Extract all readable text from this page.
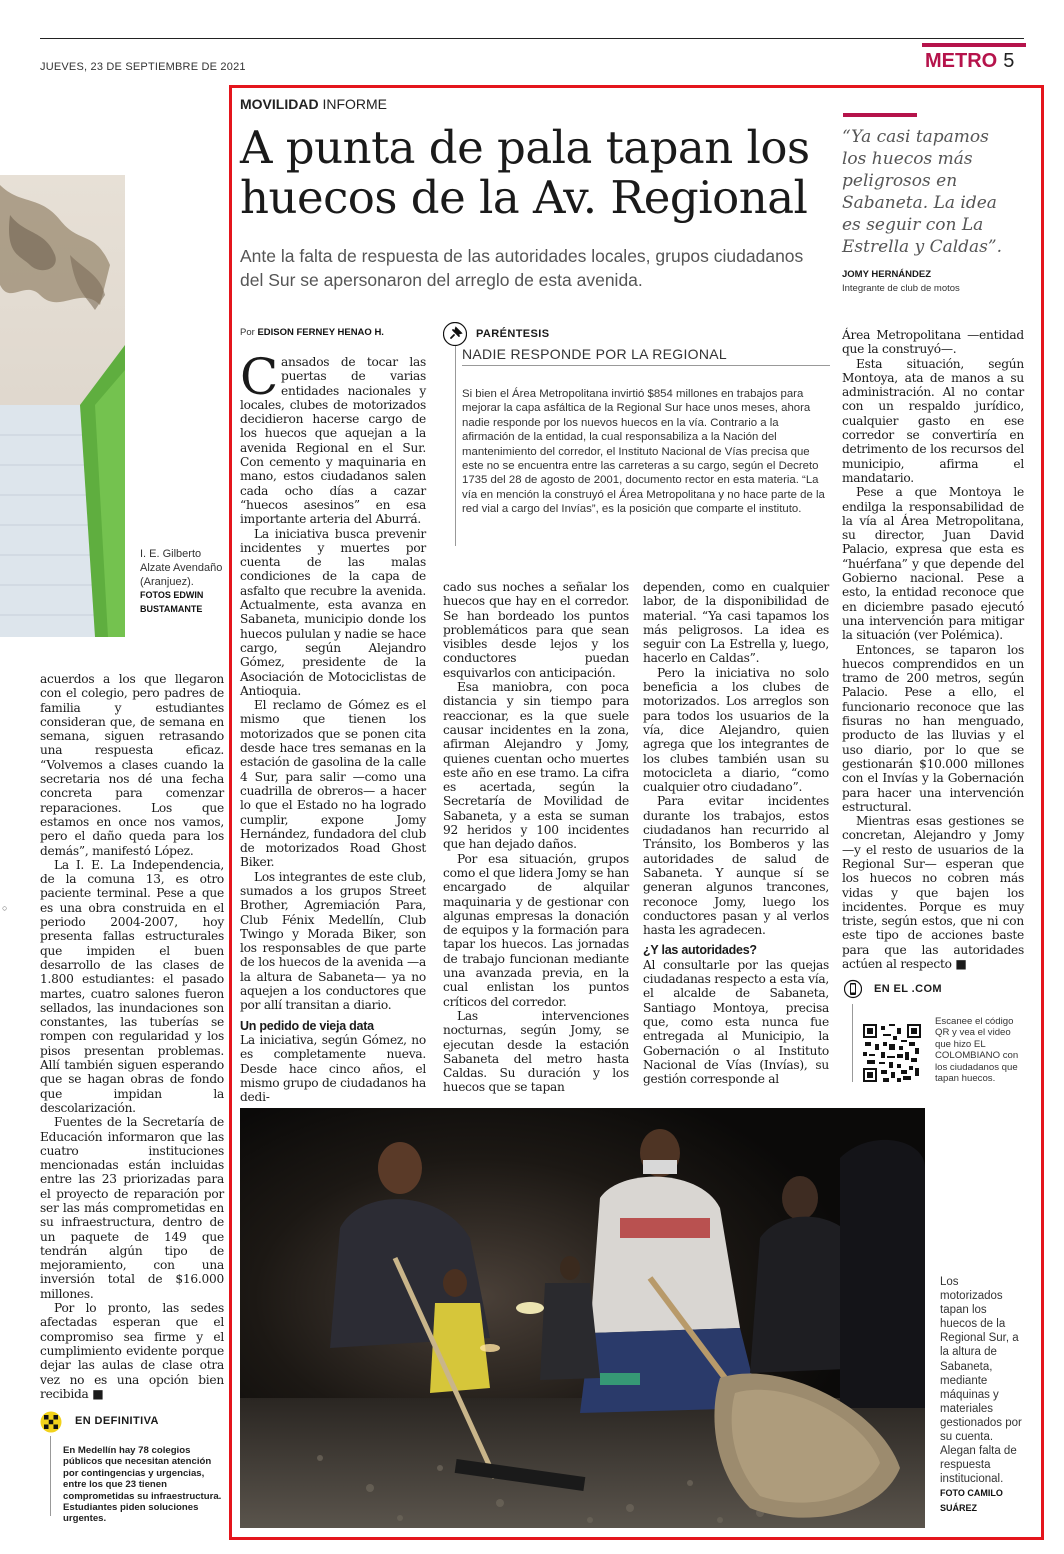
JUEVES, 23 DE SEPTIEMBRE DE 2021	METRO 5
I. E. Gilberto Alzate Avendaño (Aranjuez).
FOTOS EDWIN BUSTAMANTE

acuerdos a los que llegaron con el colegio, pero padres de familia y estudiantes consideran que, de semana en semana, siguen retrasando una respuesta eficaz. “Volvemos a clases cuando la secretaria nos dé una fecha concreta para comenzar reparaciones. Los que estamos en once nos vamos, pero el daño queda para los demás”, manifestó López.

La I. E. La Independencia, de la comuna 13, es otro paciente terminal. Pese a que es una obra construida en el periodo 2004-2007, hoy presenta fallas estructurales que impiden el buen desarrollo de las clases de 1.800 estudiantes: el pasado martes, cuatro salones fueron sellados, las inundaciones son constantes, las tuberías se rompen con regularidad y los pisos presentan problemas. Allí también siguen esperando que se hagan obras de fondo que impidan la descolarización.

Fuentes de la Secretaría de Educación informaron que las cuatro instituciones mencionadas están incluidas entre las 23 priorizadas para el proyecto de reparación por ser las más comprometidas en su infraestructura, dentro de un paquete de 149 que tendrán algún tipo de mejoramiento, con una inversión total de $16.000 millones.

Por lo pronto, las sedes afectadas esperan que el compromiso sea firme y el cumplimiento evidente porque dejar las aulas de clase otra vez no es una opción bien recibida ■

○
EN DEFINITIVA
En Medellín hay 78 colegios públicos que necesitan atención por contingencias y urgencias, entre los que 23 tienen comprometidas su infraestructura. Estudiantes piden soluciones urgentes.
MOVILIDAD INFORME
A punta de pala tapan los huecos de la Av. Regional
Ante la falta de respuesta de las autoridades locales, grupos ciudadanos del Sur se apersonaron del arreglo de esta avenida.
“Ya casi tapamos los huecos más peligrosos en Sabaneta. La idea es seguir con La Estrella y Caldas”.
JOMY HERNÁNDEZ
Integrante de club de motos
Por EDISON FERNEY HENAO H.

Cansados de tocar las puertas de varias entidades nacionales y locales, clubes de motorizados decidieron hacerse cargo de los huecos que aquejan a la avenida Regional en el Sur. Con cemento y maquinaria en mano, estos ciudadanos salen cada ocho días a cazar “huecos asesinos” en esa importante arteria del Aburrá.

La iniciativa busca prevenir incidentes y muertes por cuenta de las malas condiciones de la capa de asfalto que recubre la avenida. Actualmente, esta avanza en Sabaneta, municipio donde los huecos pululan y nadie se hace cargo, según Alejandro Gómez, presidente de la Asociación de Motociclistas de Antioquia.

El reclamo de Gómez es el mismo que tienen los motorizados que se ponen cita desde hace tres semanas en la estación de gasolina de la calle 4 Sur, para salir —como una cuadrilla de obreros— a hacer lo que el Estado no ha logrado cumplir, expone Jomy Hernández, fundadora del club de motorizados Road Ghost Biker.

Los integrantes de este club, sumados a los grupos Street Brother, Agremiación Para, Club Fénix Medellín, Club Twingo y Morada Biker, son los responsables de que parte de los huecos de la avenida —a la altura de Sabaneta— ya no aquejen a los conductores que por allí transitan a diario.

Un pedido de vieja data

La iniciativa, según Gómez, no es completamente nueva. Desde hace cinco años, el mismo grupo de ciudadanos ha dedi-

PARÉNTESIS
NADIE RESPONDE POR LA REGIONAL
Si bien el Área Metropolitana invirtió $854 millones en trabajos para mejorar la capa asfáltica de la Regional Sur hace unos meses, ahora nadie responde por los nuevos huecos en la vía. Contrario a la afirmación de la entidad, la cual responsabiliza a la Nación del mantenimiento del corredor, el Instituto Nacional de Vías precisa que este no se encuentra entre las carreteras a su cargo, según el Decreto 1735 del 28 de agosto de 2001, documento rector en esta materia. “La vía en mención la construyó el Área Metropolitana y no hace parte de la red vial a cargo del Invías”, es la posición que comparte el instituto.

cado sus noches a señalar los huecos que hay en el corredor. Se han bordeado los puntos problemáticos para que sean visibles desde lejos y los conductores puedan esquivarlos con anticipación.

Esa maniobra, con poca distancia y sin tiempo para reaccionar, es la que suele causar incidentes en la zona, afirman Alejandro y Jomy, quienes cuentan ocho muertes este año en ese tramo. La cifra es acertada, según la Secretaría de Movilidad de Sabaneta, y a esta se suman 92 heridos y 100 incidentes que han dejado daños.

Por esa situación, grupos como el que lidera Jomy se han encargado de alquilar maquinaria y de gestionar con algunas empresas la donación de equipos y la formación para tapar los huecos. Las jornadas de trabajo funcionan mediante una avanzada previa, en la cual enlistan los puntos críticos del corredor.

Las intervenciones nocturnas, según Jomy, se ejecutan desde la estación Sabaneta del metro hasta Caldas. Su duración y los huecos que se tapan

dependen, como en cualquier labor, de la disponibilidad de material. “Ya casi tapamos los más peligrosos. La idea es seguir con La Estrella y, luego, hacerlo en Caldas”.

Pero la iniciativa no solo beneficia a los clubes de motorizados. Los arreglos son para todos los usuarios de la vía, dice Alejandro, quien agrega que los integrantes de los clubes también usan su motocicleta a diario, “como cualquier otro ciudadano”.

Para evitar incidentes durante los trabajos, estos ciudadanos han recurrido al Tránsito, los Bomberos y las autoridades de salud de Sabaneta. Y aunque sí se generan algunos trancones, reconoce Jomy, luego los conductores pasan y al verlos hasta les agradecen.

¿Y las autoridades?

Al consultarle por las quejas ciudadanas respecto a esta vía, el alcalde de Sabaneta, Santiago Montoya, precisa que, como esta nunca fue entregada al Municipio, la Gobernación o al Instituto Nacional de Vías (Invías), su gestión corresponde al

Área Metropolitana —entidad que la construyó—.

Esta situación, según Montoya, ata de manos a su administración. Al no contar con un respaldo jurídico, cualquier gasto en ese corredor se convertiría en detrimento de los recursos del municipio, afirma el mandatario.

Pese a que Montoya le endilga la responsabilidad de la vía al Área Metropolitana, su director, Juan David Palacio, expresa que esta es “huérfana” y que depende del Gobierno nacional. Pese a esto, la entidad reconoce que en diciembre pasado ejecutó una intervención para mitigar la situación (ver Polémica).

Entonces, se taparon los huecos comprendidos en un tramo de 200 metros, según Palacio. Pese a ello, el funcionario reconoce que las fisuras no han menguado, producto de las lluvias y el uso diario, por lo que se gestionarán $10.000 millones con el Invías y la Gobernación para hacer una intervención estructural.

Mientras esas gestiones se concretan, Alejandro y Jomy —y el resto de usuarios de la Regional Sur— esperan que los huecos no cobren más vidas y que bajen los incidentes. Porque es muy triste, según estos, que ni con este tipo de acciones baste para que las autoridades actúen al respecto ■

EN EL .COM
Escanee el código QR y vea el video que hizo EL COLOMBIANO con los ciudadanos que tapan huecos.
Los motorizados tapan los huecos de la Regional Sur, a la altura de Sabaneta, mediante máquinas y materiales gestionados por su cuenta. Alegan falta de respuesta institucional.
FOTO CAMILO SUÁREZ
